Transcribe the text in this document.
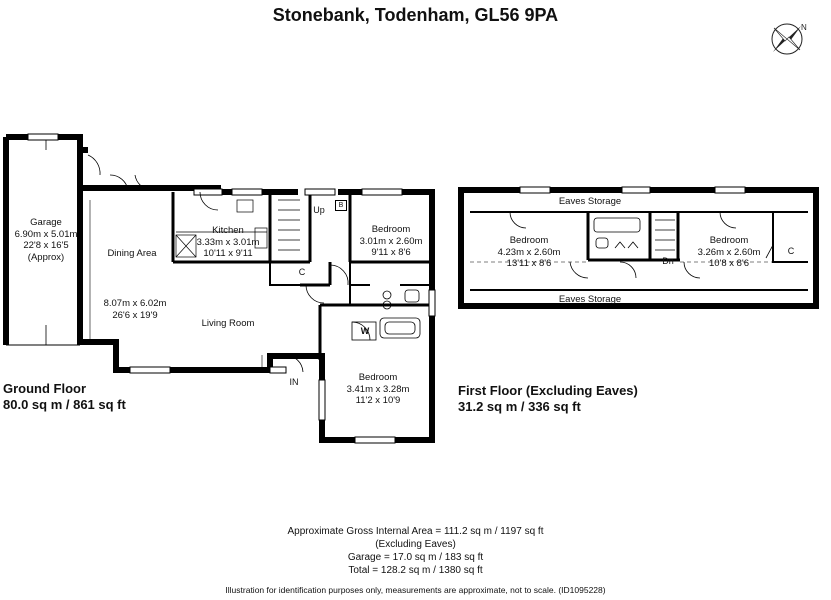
Stonebank, Todenham, GL56 9PA
N
Garage
6.90m x 5.01m
22'8 x 16'5
(Approx)	Dining Area
Kitchen
3.33m x 3.01m
10'11 x 9'11
Bedroom
3.01m x 2.60m
9'11 x 8'6
8.07m x 6.02m
26'6 x 19'9
Living Room
Bedroom
3.41m x 3.28m
11'2 x 10'9
Up	B
C
W
IN
Eaves Storage
Eaves Storage
Bedroom
4.23m x 2.60m
13'11 x 8'6
Bedroom
3.26m x 2.60m
10'8 x 8'6
Dn
C
Ground Floor
80.0 sq m / 861 sq ft
First Floor (Excluding Eaves)
31.2 sq m / 336 sq ft
Approximate Gross Internal Area = 111.2 sq m / 1197 sq ft
(Excluding Eaves)
Garage = 17.0 sq m / 183 sq ft
Total = 128.2 sq m / 1380 sq ft
Illustration for identification purposes only, measurements are approximate, not to scale. (ID1095228)
